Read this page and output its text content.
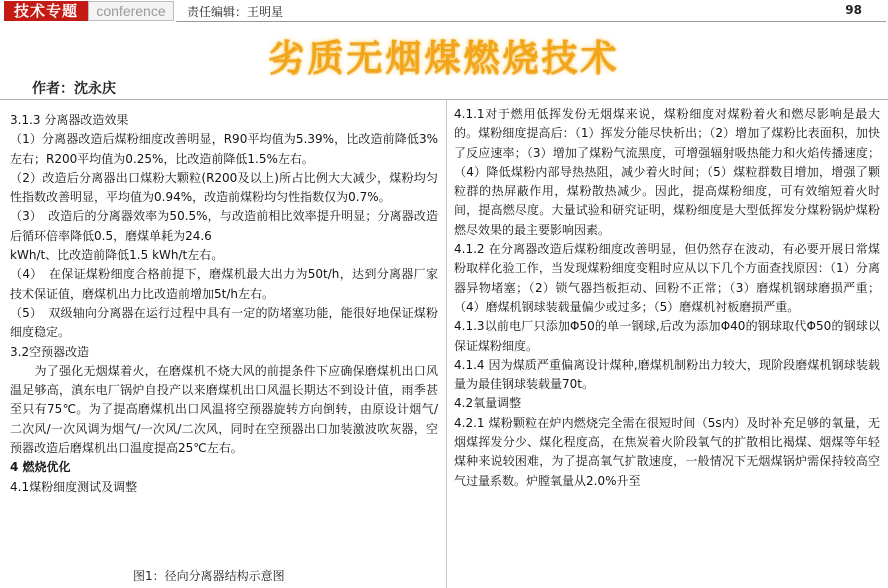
技术专题	conference	责任编辑：王明星	98
劣质无烟煤燃烧技术
作者：沈永庆

3.1.3 分离器改造效果

（1）分离器改造后煤粉细度改善明显，R90平均值为5.39%，比改造前降低3%左右；R200平均值为0.25%，比改造前降低1.5%左右。

（2）改造后分离器出口煤粉大颗粒(R200及以上)所占比例大大减少，煤粉均匀性指数改善明显，平均值为0.94%，改造前煤粉均匀性指数仅为0.7%。

（3）　改造后的分离器效率为50.5%，与改造前相比效率提升明显；分离器改造后循环倍率降低0.5，磨煤单耗为24.6

kWh/t、比改造前降低1.5 kWh/t左右。

（4）　在保证煤粉细度合格前提下，磨煤机最大出力为50t/h，达到分离器厂家技术保证值，磨煤机出力比改造前增加5t/h左右。

（5）　双级轴向分离器在运行过程中具有一定的防堵塞功能，能很好地保证煤粉细度稳定。

3.2空预器改造

　　为了强化无烟煤着火，在磨煤机不烧大风的前提条件下应确保磨煤机出口风温足够高，滇东电厂锅炉自投产以来磨煤机出口风温长期达不到设计值，雨季甚至只有75℃。为了提高磨煤机出口风温将空预器旋转方向倒转，由原设计烟气/二次风/一次风调为烟气/一次风/二次风，同时在空预器出口加装激波吹灰器，空预器改造后磨煤机出口温度提高25℃左右。

4 燃烧优化

4.1煤粉细度测试及调整

图1：径向分离器结构示意图

4.1.1对于燃用低挥发份无烟煤来说，煤粉细度对煤粉着火和燃尽影响是最大的。煤粉细度提高后：（1）挥发分能尽快析出；（2）增加了煤粉比表面积，加快了反应速率；（3）增加了煤粉气流黑度，可增强辐射吸热能力和火焰传播速度；（4）降低煤粉内部导热热阻，减少着火时间；（5）煤粒群数目增加，增强了颗粒群的热屏蔽作用，煤粉散热减少。因此，提高煤粉细度，可有效缩短着火时间，提高燃尽度。大量试验和研究证明，煤粉细度是大型低挥发分煤粉锅炉煤粉燃尽效果的最主要影响因素。

4.1.2 在分离器改造后煤粉细度改善明显，但仍然存在波动，有必要开展日常煤粉取样化验工作，当发现煤粉细度变粗时应从以下几个方面查找原因：（1）分离器异物堵塞；（2）锁气器挡板拒动、回粉不正常；（3）磨煤机钢球磨损严重；（4）磨煤机钢球装载量偏少或过多；（5）磨煤机衬板磨损严重。

4.1.3以前电厂只添加Φ50的单一钢球,后改为添加Φ40的钢球取代Φ50的钢球以保证煤粉细度。

4.1.4 因为煤质严重偏离设计煤种,磨煤机制粉出力较大，现阶段磨煤机钢球装载量为最佳钢球装载量70t。

4.2氧量调整

4.2.1 煤粉颗粒在炉内燃烧完全需在很短时间（5s内）及时补充足够的氧量，无烟煤挥发分少、煤化程度高，在焦炭着火阶段氧气的扩散相比褐煤、烟煤等年轻煤种来说较困难，为了提高氧气扩散速度，一般情况下无烟煤锅炉需保持较高空气过量系数。炉膛氧量从2.0%升至
